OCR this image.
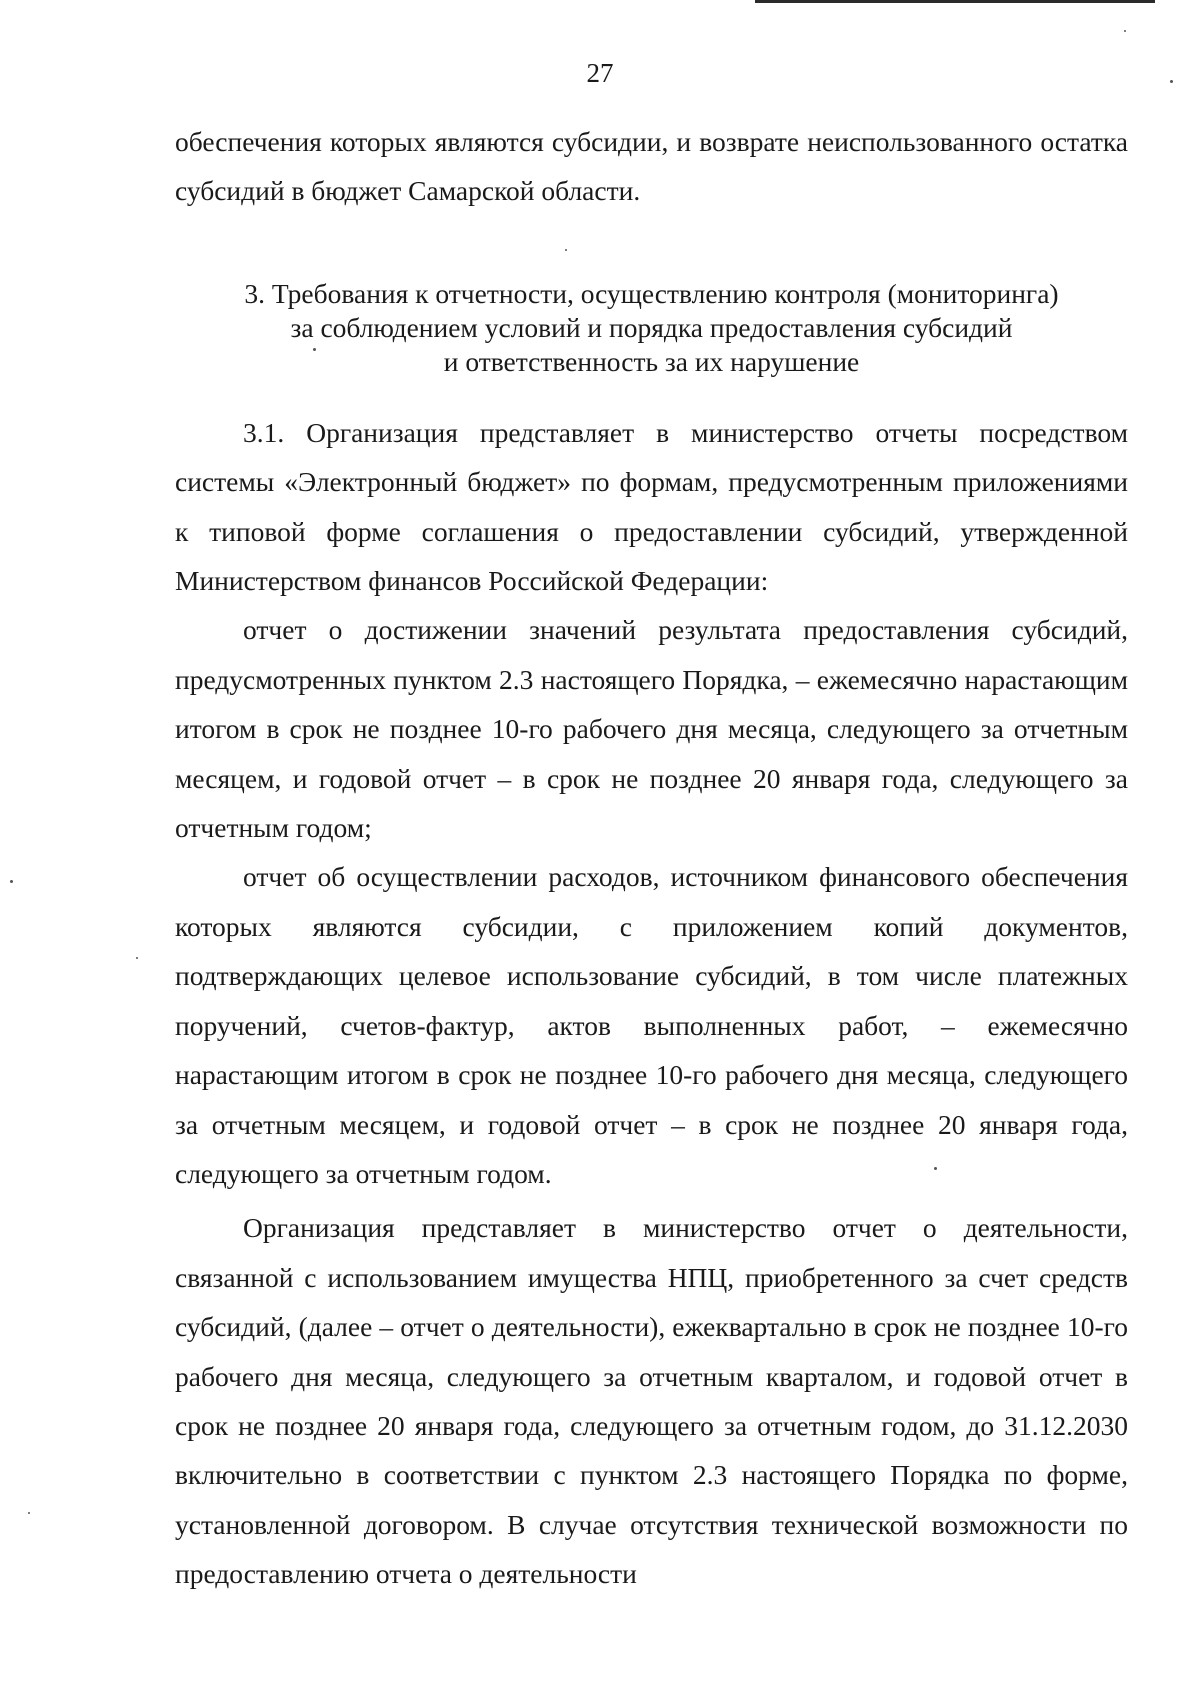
27

обеспечения которых являются субсидии, и возврате неиспользованного остатка субсидий в бюджет Самарской области.

3. Требования к отчетности, осуществлению контроля (мониторинга)
за соблюдением условий и порядка предоставления субсидий
и ответственность за их нарушение

3.1. Организация представляет в министерство отчеты посредством системы «Электронный бюджет» по формам, предусмотренным приложениями к типовой форме соглашения о предоставлении субсидий, утвержденной Министерством финансов Российской Федерации:

отчет о достижении значений результата предоставления субсидий, предусмотренных пунктом 2.3 настоящего Порядка, – ежемесячно нарастающим итогом в срок не позднее 10-го рабочего дня месяца, следующего за отчетным месяцем, и годовой отчет – в срок не позднее 20 января года, следующего за отчетным годом;

отчет об осуществлении расходов, источником финансового обеспечения которых являются субсидии, с приложением копий документов, подтверждающих целевое использование субсидий, в том числе платежных поручений, счетов-фактур, актов выполненных работ, – ежемесячно нарастающим итогом в срок не позднее 10-го рабочего дня месяца, следующего за отчетным месяцем, и годовой отчет – в срок не позднее 20 января года, следующего за отчетным годом.

Организация представляет в министерство отчет о деятельности, связанной с использованием имущества НПЦ, приобретенного за счет средств субсидий, (далее – отчет о деятельности), ежеквартально в срок не позднее 10-го рабочего дня месяца, следующего за отчетным кварталом, и годовой отчет в срок не позднее 20 января года, следующего за отчетным годом, до 31.12.2030 включительно в соответствии с пунктом 2.3 настоящего Порядка по форме, установленной договором. В случае отсутствия технической возможности по предоставлению отчета о деятельности
